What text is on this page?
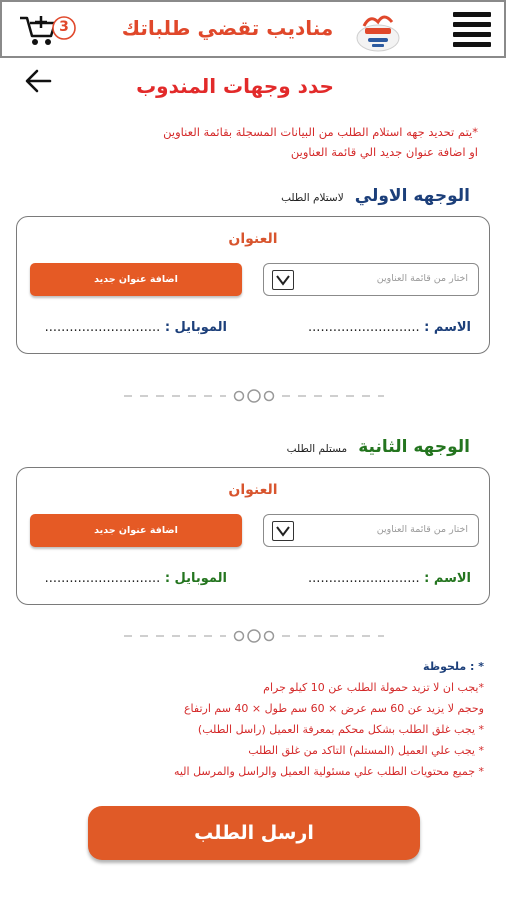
3	مناديب تقضي طلباتك
حدد وجهات المندوب
*يتم تحديد جهه استلام الطلب من البيانات المسجلة بقائمة العناوين
او اضافة عنوان جديد الي قائمة العناوين
الوجهه الاولي لاستلام الطلب
العنوان
اختار من قائمة العناوين
اضافة عنوان جديد
الاسم : ...........................
الموبايل : ............................
الوجهه الثانية مستلم الطلب
العنوان
اختار من قائمة العناوين
اضافة عنوان جديد
الاسم : ...........................
الموبايل : ............................
* : ملحوظة
*يجب ان لا تزيد حمولة الطلب عن 10 كيلو جرام
وحجم لا يزيد عن 60 سم عرض × 60 سم طول × 40 سم ارتفاع
* يجب غلق الطلب بشكل محكم بمعرفة العميل (راسل الطلب)
* يجب علي العميل (المستلم) التاكد من غلق الطلب
* جميع محتويات الطلب علي مسئولية العميل والراسل والمرسل اليه
ارسل الطلب
